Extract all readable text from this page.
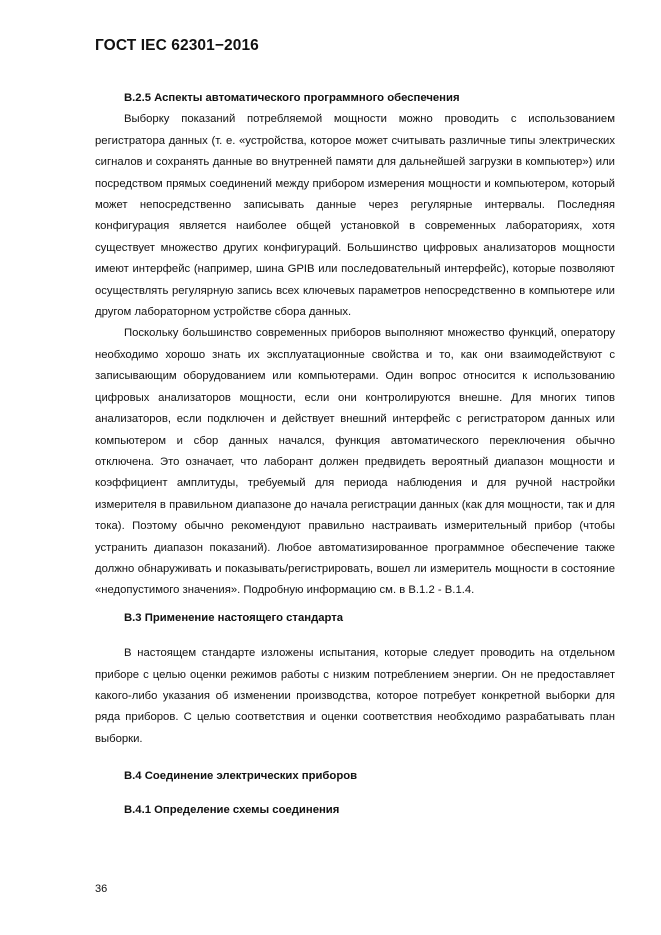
ГОСТ IEC 62301−2016

В.2.5 Аспекты автоматического программного обеспечения

Выборку показаний потребляемой мощности можно проводить с использованием регистратора данных (т. е. «устройства, которое может считывать различные типы электрических сигналов и сохранять данные во внутренней памяти для дальнейшей загрузки в компьютер») или посредством прямых соединений между прибором измерения мощности и компьютером, который может непосредственно записывать данные через регулярные интервалы. Последняя конфигурация является наиболее общей установкой в современных лабораториях, хотя существует множество других конфигураций. Большинство цифровых анализаторов мощности имеют интерфейс (например, шина GPIB или последовательный интерфейс), которые позволяют осуществлять регулярную запись всех ключевых параметров непосредственно в компьютере или другом лабораторном устройстве сбора данных.

Поскольку большинство современных приборов выполняют множество функций, оператору необходимо хорошо знать их эксплуатационные свойства и то, как они взаимодействуют с записывающим оборудованием или компьютерами. Один вопрос относится к использованию цифровых анализаторов мощности, если они контролируются внешне. Для многих типов анализаторов, если подключен и действует внешний интерфейс с регистратором данных или компьютером и сбор данных начался, функция автоматического переключения обычно отключена. Это означает, что лаборант должен предвидеть вероятный диапазон мощности и коэффициент амплитуды, требуемый для периода наблюдения и для ручной настройки измерителя в правильном диапазоне до начала регистрации данных (как для мощности, так и для тока). Поэтому обычно рекомендуют правильно настраивать измерительный прибор (чтобы устранить диапазон показаний). Любое автоматизированное программное обеспечение также должно обнаруживать и показывать/регистрировать, вошел ли измеритель мощности в состояние «недопустимого значения». Подробную информацию см. в В.1.2 - В.1.4.

В.3 Применение настоящего стандарта

В настоящем стандарте изложены испытания, которые следует проводить на отдельном приборе с целью оценки режимов работы с низким потреблением энергии. Он не предоставляет какого-либо указания об изменении производства, которое потребует конкретной выборки для ряда приборов. С целью соответствия и оценки соответствия необходимо разрабатывать план выборки.

В.4 Соединение электрических приборов

В.4.1 Определение схемы соединения

36
